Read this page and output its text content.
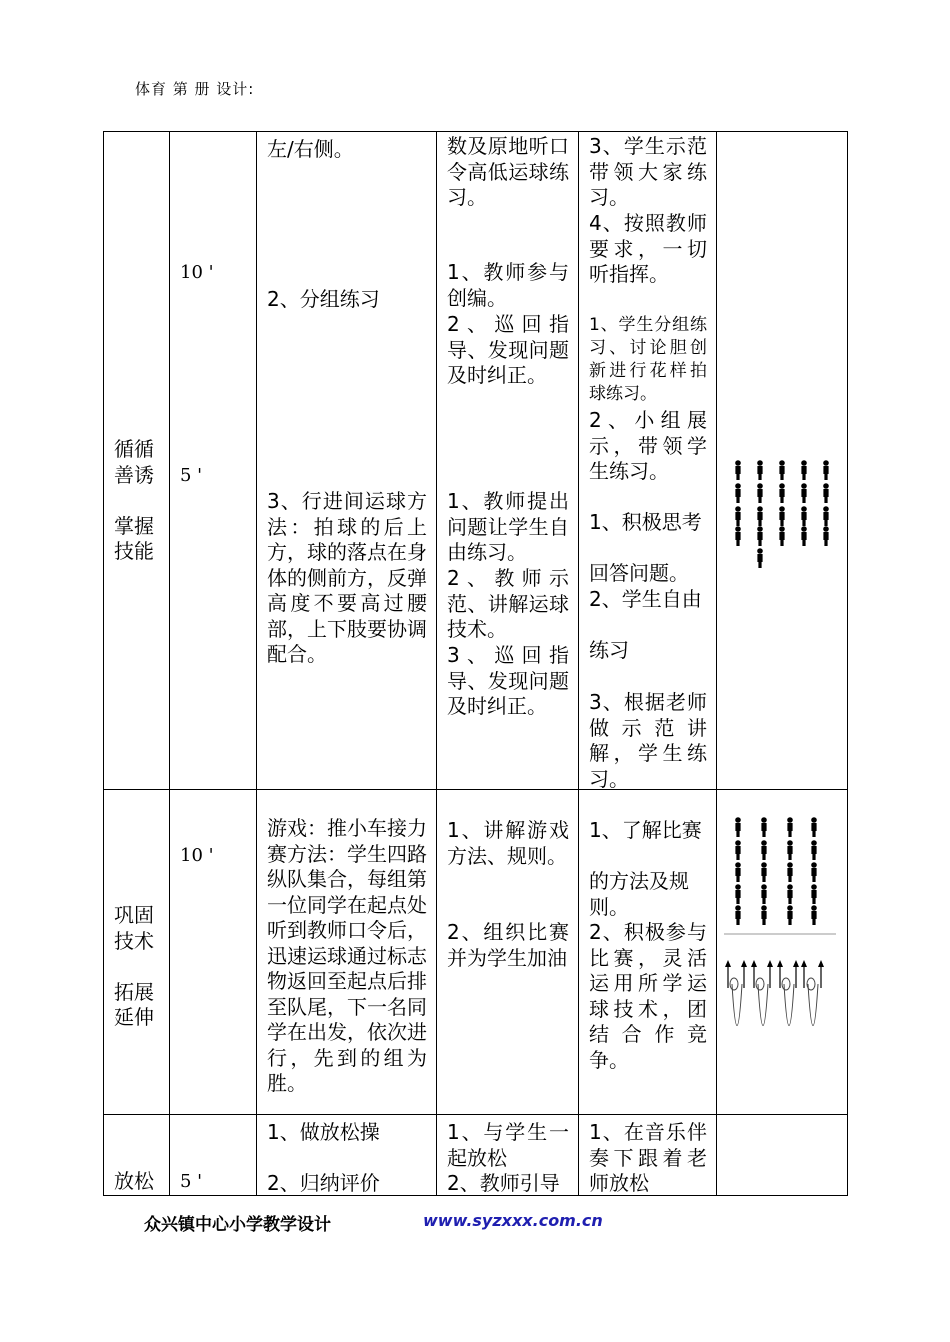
体育 第 册 设计:

循循

善诱

掌握

技能

10 '
5 '
左/右侧。
2、分组练习
3、行进间运球方法：拍球的后上方，球的落点在身体的侧前方，反弹高度不要高过腰部，上下肢要协调配合。
数及原地听口令高低运球练习。
1、教师参与创编。
2、巡回指导、发现问题及时纠正。
1、教师提出问题让学生自由练习。
2、教师示范、讲解运球技术。
3、巡回指导、发现问题及时纠正。
3、学生示范带领大家练习。
4、按照教师要求，一切听指挥。
1、学生分组练习、讨论胆创新进行花样拍球练习。
2、小组展示，带领学生练习。
1、积极思考
回答问题。
2、学生自由
练习
3、根据老师做示范讲解，学生练习。

巩固

技术

拓展

延伸

10 '
游戏：推小车接力赛方法：学生四路纵队集合，每组第一位同学在起点处听到教师口令后，迅速运球通过标志物返回至起点后排至队尾，下一名同学在出发，依次进行，先到的组为胜。
1、讲解游戏方法、规则。
2、组织比赛并为学生加油
1、了解比赛
的方法及规则。
2、积极参与比赛，灵活运用所学运球技术，团结合作竞争。
放松 5 '
1、做放松操
2、归纳评价
1、与学生一起放松
2、教师引导
1、在音乐伴奏下跟着老师放松
众兴镇中心小学教学设计	www.syzxxx.com.cn
